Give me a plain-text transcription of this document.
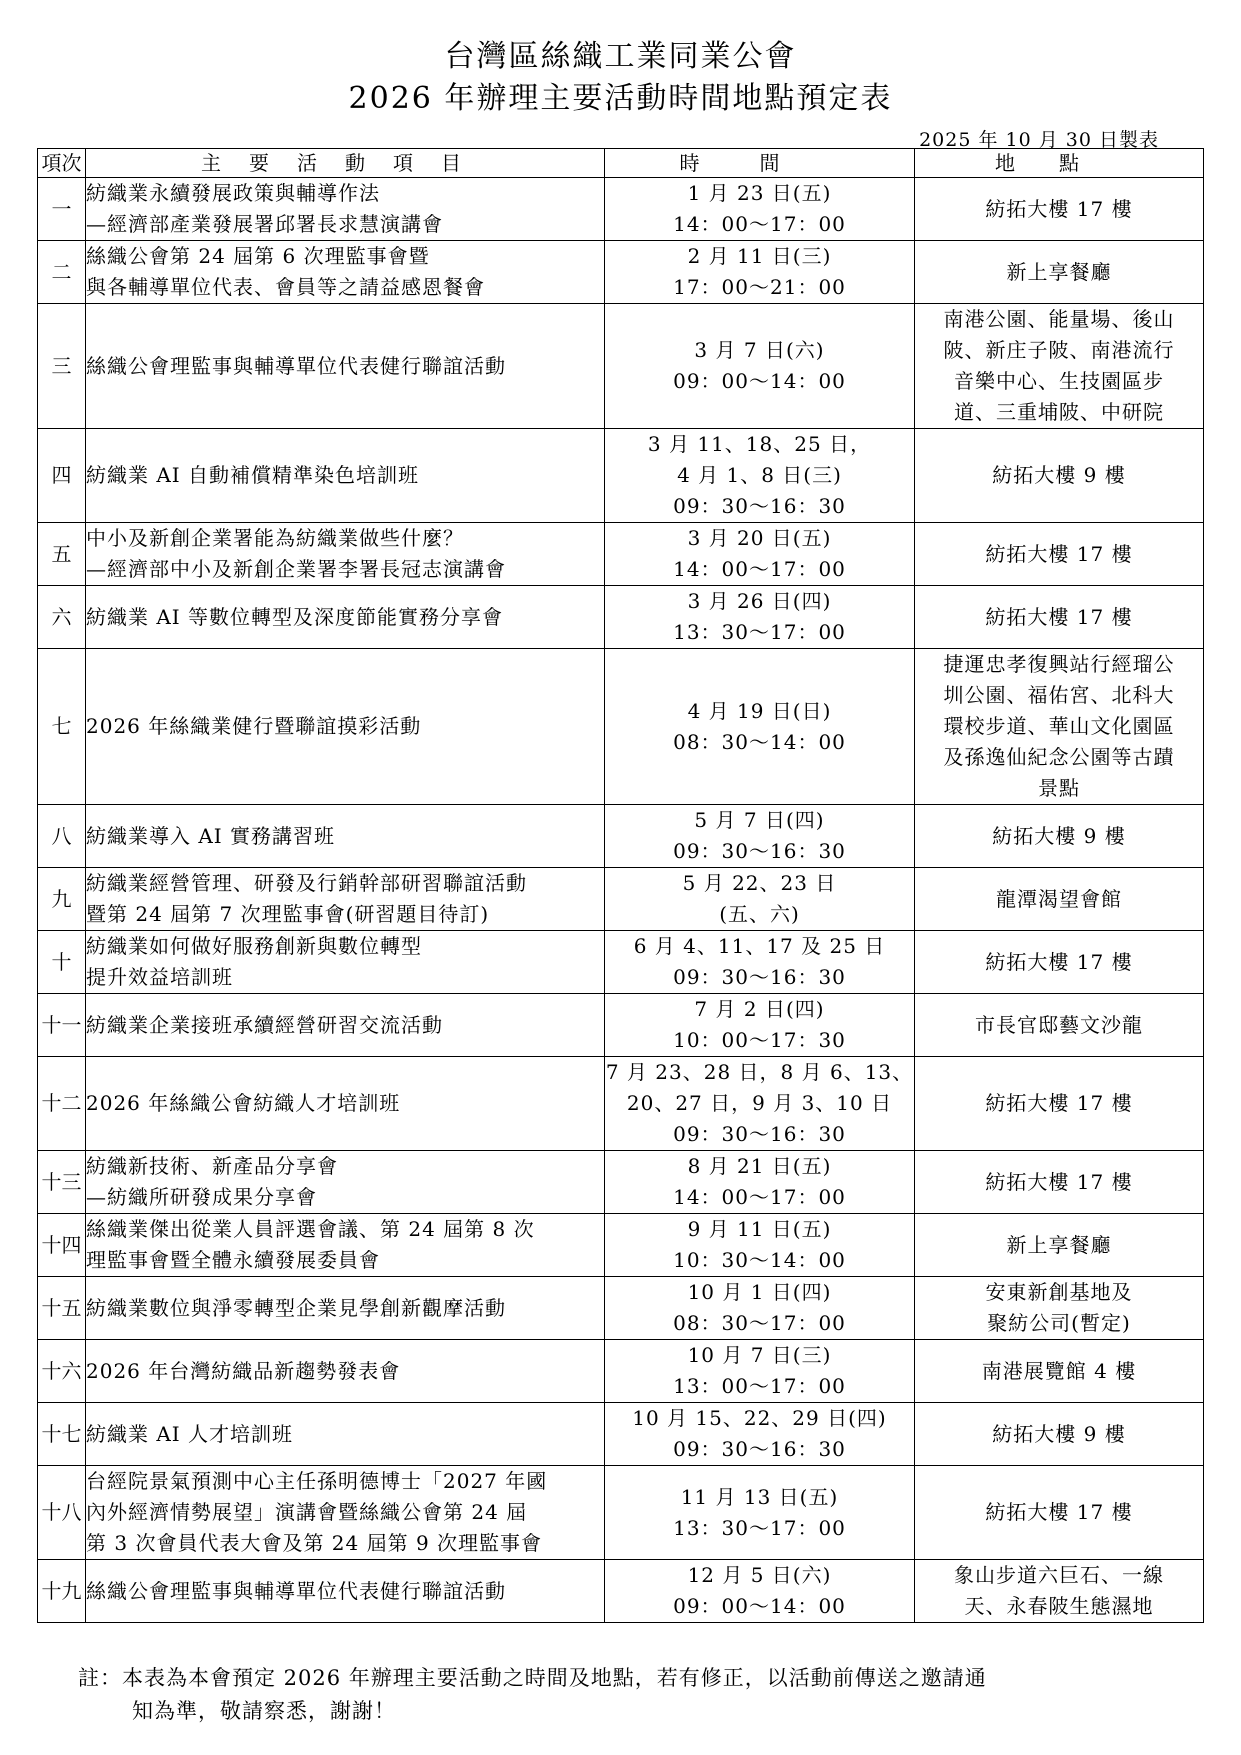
台灣區絲織工業同業公會
2026 年辦理主要活動時間地點預定表
2025 年 10 月 30 日製表
項次	主要活動項目	時間	地點
一	紡織業永續發展政策與輔導作法
—經濟部產業發展署邱署長求慧演講會	1 月 23 日(五)
14：00～17：00	紡拓大樓 17 樓

二	絲織公會第 24 屆第 6 次理監事會暨
與各輔導單位代表、會員等之請益感恩餐會	2 月 11 日(三)
17：00～21：00	新上享餐廳

三	絲織公會理監事與輔導單位代表健行聯誼活動	3 月 7 日(六)
09：00～14：00	南港公園、能量場、後山
陂、新庄子陂、南港流行
音樂中心、生技園區步
道、三重埔陂、中研院

四	紡織業 AI 自動補償精準染色培訓班	3 月 11、18、25 日，
4 月 1、8 日(三)
09：30～16：30	紡拓大樓 9 樓

五	中小及新創企業署能為紡織業做些什麼？
—經濟部中小及新創企業署李署長冠志演講會	3 月 20 日(五)
14：00～17：00	紡拓大樓 17 樓

六	紡織業 AI 等數位轉型及深度節能實務分享會	3 月 26 日(四)
13：30～17：00	紡拓大樓 17 樓

七	2026 年絲織業健行暨聯誼摸彩活動	4 月 19 日(日)
08：30～14：00	捷運忠孝復興站行經瑠公
圳公園、福佑宮、北科大
環校步道、華山文化園區
及孫逸仙紀念公園等古蹟
景點

八	紡織業導入 AI 實務講習班	5 月 7 日(四)
09：30～16：30	紡拓大樓 9 樓

九	紡織業經營管理、研發及行銷幹部研習聯誼活動
暨第 24 屆第 7 次理監事會(研習題目待訂)	5 月 22、23 日
(五、六)	龍潭渴望會館

十	紡織業如何做好服務創新與數位轉型
提升效益培訓班	6 月 4、11、17 及 25 日
09：30～16：30	紡拓大樓 17 樓

十一	紡織業企業接班承續經營研習交流活動	7 月 2 日(四)
10：00～17：30	市長官邸藝文沙龍

十二	2026 年絲織公會紡織人才培訓班	7 月 23、28 日，8 月 6、13、
20、27 日，9 月 3、10 日
09：30～16：30	紡拓大樓 17 樓

十三	紡織新技術、新產品分享會
—紡織所研發成果分享會	8 月 21 日(五)
14：00～17：00	紡拓大樓 17 樓

十四	絲織業傑出從業人員評選會議、第 24 屆第 8 次
理監事會暨全體永續發展委員會	9 月 11 日(五)
10：30～14：00	新上享餐廳

十五	紡織業數位與淨零轉型企業見學創新觀摩活動	10 月 1 日(四)
08：30～17：00	安東新創基地及
聚紡公司(暫定)

十六	2026 年台灣紡織品新趨勢發表會	10 月 7 日(三)
13：00～17：00	南港展覽館 4 樓

十七	紡織業 AI 人才培訓班	10 月 15、22、29 日(四)
09：30～16：30	紡拓大樓 9 樓

十八	台經院景氣預測中心主任孫明德博士「2027 年國
內外經濟情勢展望」演講會暨絲織公會第 24 屆
第 3 次會員代表大會及第 24 屆第 9 次理監事會	11 月 13 日(五)
13：30～17：00	紡拓大樓 17 樓

十九	絲織公會理監事與輔導單位代表健行聯誼活動	12 月 5 日(六)
09：00～14：00	象山步道六巨石、一線
天、永春陂生態濕地
註：本表為本會預定 2026 年辦理主要活動之時間及地點，若有修正，以活動前傳送之邀請通
知為準，敬請察悉，謝謝！
